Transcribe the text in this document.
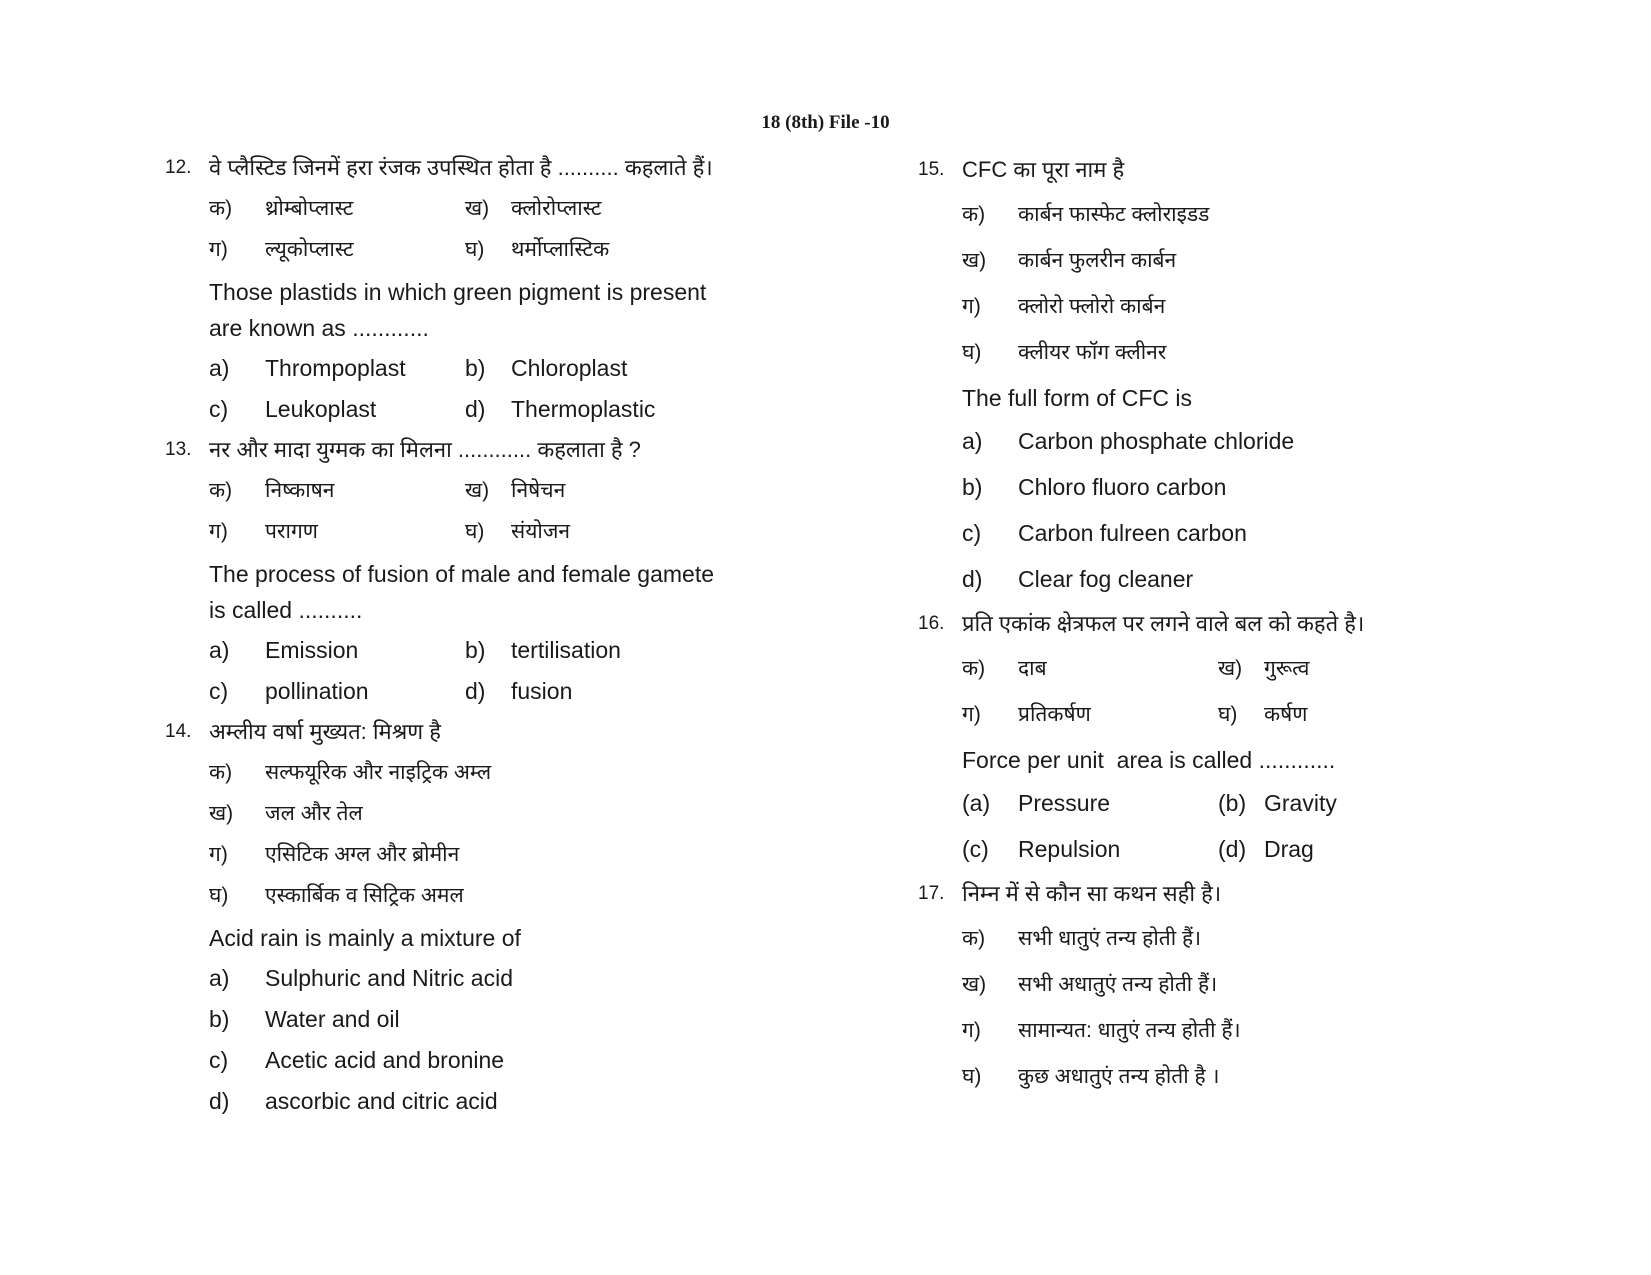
18 (8th) File -10
12. वे प्लैस्टिड जिनमें हरा रंजक उपस्थित होता है .......... कहलाते हैं।
क)	थ्रोम्बोप्लास्ट	ख)	क्लोरोप्लास्ट
ग)	ल्यूकोप्लास्ट	घ)	थर्मोप्लास्टिक
Those plastids in which green pigment is present
are known as ............
a)	Thrompoplast	b)	Chloroplast
c)	Leukoplast	d)	Thermoplastic
13. नर और मादा युग्मक का मिलना ............ कहलाता है ?
क)	निष्काषन	ख)	निषेचन
ग)	परागण	घ)	संयोजन
The process of fusion of male and female gamete
is called ..........
a)	Emission	b)	tertilisation
c)	pollination	d)	fusion
14. अम्लीय वर्षा मुख्यत: मिश्रण है
क)	सल्फयूरिक और नाइट्रिक अम्ल
ख)	जल और तेल
ग)	एसिटिक अग्ल और ब्रोमीन
घ)	एस्कार्बिक व सिट्रिक अमल
Acid rain is mainly a mixture of
a)	Sulphuric and Nitric acid
b)	Water and oil
c)	Acetic acid and bronine
d)	ascorbic and citric acid
15. CFC का पूरा नाम है
क)	कार्बन फास्फेट क्लोराइडड
ख)	कार्बन फुलरीन कार्बन
ग)	क्लोरो फ्लोरो कार्बन
घ)	क्लीयर फॉग क्लीनर
The full form of CFC is
a)	Carbon phosphate chloride
b)	Chloro fluoro carbon
c)	Carbon fulreen carbon
d)	Clear fog cleaner
16. प्रति एकांक क्षेत्रफल पर लगने वाले बल को कहते है।
क)	दाब	ख)	गुरूत्व
ग)	प्रतिकर्षण	घ)	कर्षण
Force per unit  area is called ............
(a)	Pressure	(b) Gravity
(c)	Repulsion	(d) Drag
17. निम्न में से कौन सा कथन सही है।
क)	सभी धातुएं तन्य होती हैं।
ख)	सभी अधातुएं तन्य होती हैं।
ग)	सामान्यत: धातुएं तन्य होती हैं।
घ)	कुछ अधातुएं तन्य होती है ।
